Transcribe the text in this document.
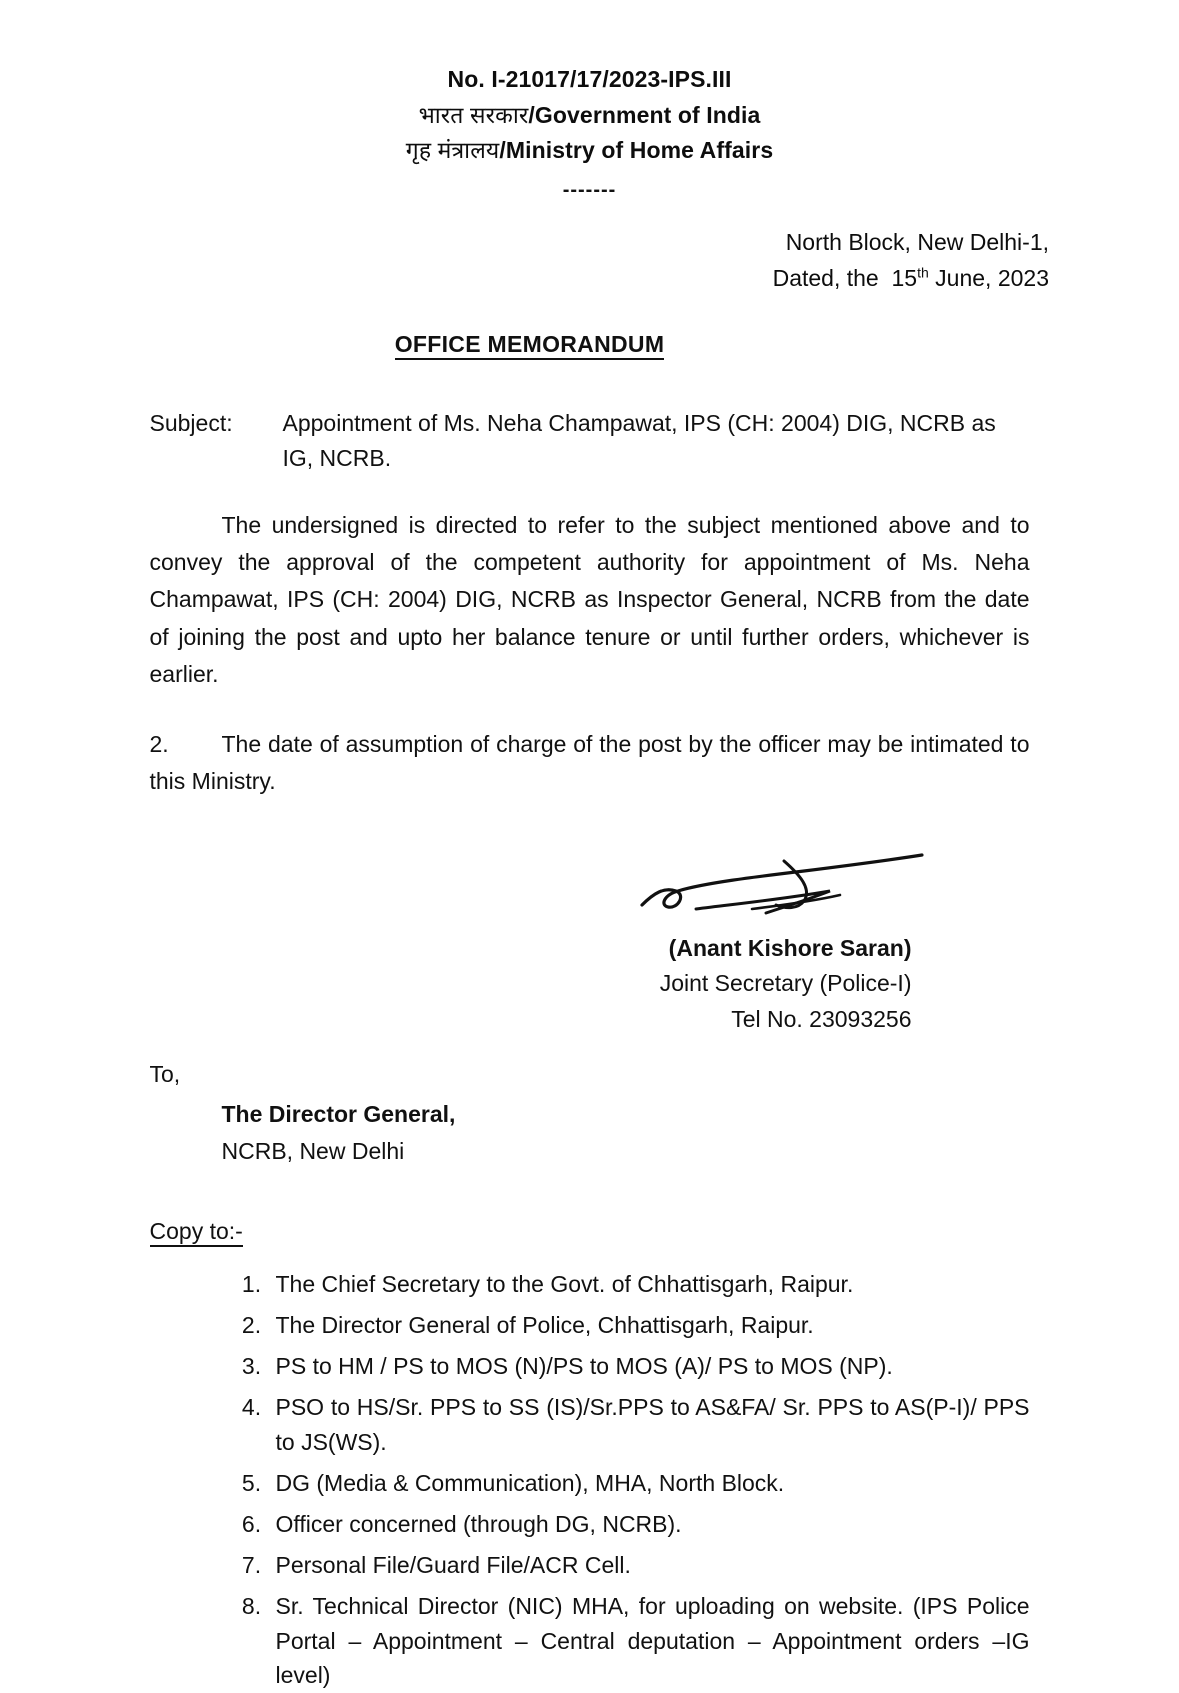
No. I-21017/17/2023-IPS.III
भारत सरकार/Government of India
गृह मंत्रालय/Ministry of Home Affairs
-------
North Block, New Delhi-1,
Dated, the 15th June, 2023
OFFICE MEMORANDUM
Subject:	Appointment of Ms. Neha Champawat, IPS (CH: 2004) DIG, NCRB as IG, NCRB.
The undersigned is directed to refer to the subject mentioned above and to convey the approval of the competent authority for appointment of Ms. Neha Champawat, IPS (CH: 2004) DIG, NCRB as Inspector General, NCRB from the date of joining the post and upto her balance tenure or until further orders, whichever is earlier.
2. The date of assumption of charge of the post by the officer may be intimated to this Ministry.
(Anant Kishore Saran)
Joint Secretary (Police-I)
Tel No. 23093256
To,
The Director General,
NCRB, New Delhi
Copy to:-
1. The Chief Secretary to the Govt. of Chhattisgarh, Raipur.
2. The Director General of Police, Chhattisgarh, Raipur.
3. PS to HM / PS to MOS (N)/PS to MOS (A)/ PS to MOS (NP).
4. PSO to HS/Sr. PPS to SS (IS)/Sr.PPS to AS&FA/ Sr. PPS to AS(P-I)/ PPS to JS(WS).
5. DG (Media & Communication), MHA, North Block.
6. Officer concerned (through DG, NCRB).
7. Personal File/Guard File/ACR Cell.
8. Sr. Technical Director (NIC) MHA, for uploading on website. (IPS Police Portal – Appointment – Central deputation – Appointment orders –IG level)
